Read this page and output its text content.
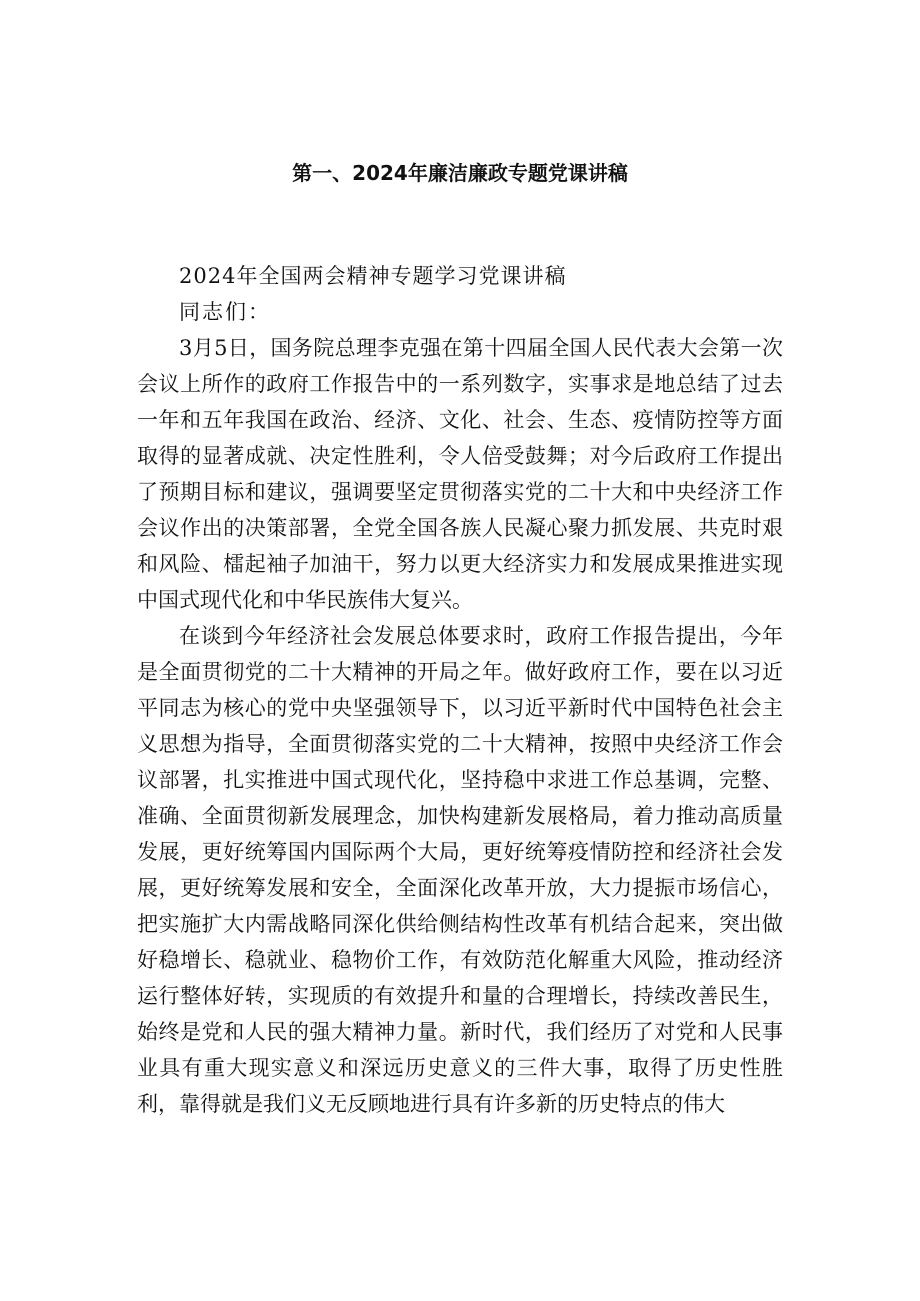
第一、2024年廉洁廉政专题党课讲稿

2024年全国两会精神专题学习党课讲稿

同志们：

3月5日，国务院总理李克强在第十四届全国人民代表大会第一次会议上所作的政府工作报告中的一系列数字，实事求是地总结了过去一年和五年我国在政治、经济、文化、社会、生态、疫情防控等方面取得的显著成就、决定性胜利，令人倍受鼓舞；对今后政府工作提出了预期目标和建议，强调要坚定贯彻落实党的二十大和中央经济工作会议作出的决策部署，全党全国各族人民凝心聚力抓发展、共克时艰和风险、檑起袖子加油干，努力以更大经济实力和发展成果推进实现中国式现代化和中华民族伟大复兴。

在谈到今年经济社会发展总体要求时，政府工作报告提出，今年是全面贯彻党的二十大精神的开局之年。做好政府工作，要在以习近平同志为核心的党中央坚强领导下，以习近平新时代中国特色社会主义思想为指导，全面贯彻落实党的二十大精神，按照中央经济工作会议部署，扎实推进中国式现代化，坚持稳中求进工作总基调，完整、准确、全面贯彻新发展理念，加快构建新发展格局，着力推动高质量发展，更好统筹国内国际两个大局，更好统筹疫情防控和经济社会发展，更好统筹发展和安全，全面深化改革开放，大力提振市场信心，把实施扩大内需战略同深化供给侧结构性改革有机结合起来，突出做好稳增长、稳就业、稳物价工作，有效防范化解重大风险，推动经济运行整体好转，实现质的有效提升和量的合理增长，持续改善民生，始终是党和人民的强大精神力量。新时代，我们经历了对党和人民事业具有重大现实意义和深远历史意义的三件大事，取得了历史性胜利，靠得就是我们义无反顾地进行具有许多新的历史特点的伟大
